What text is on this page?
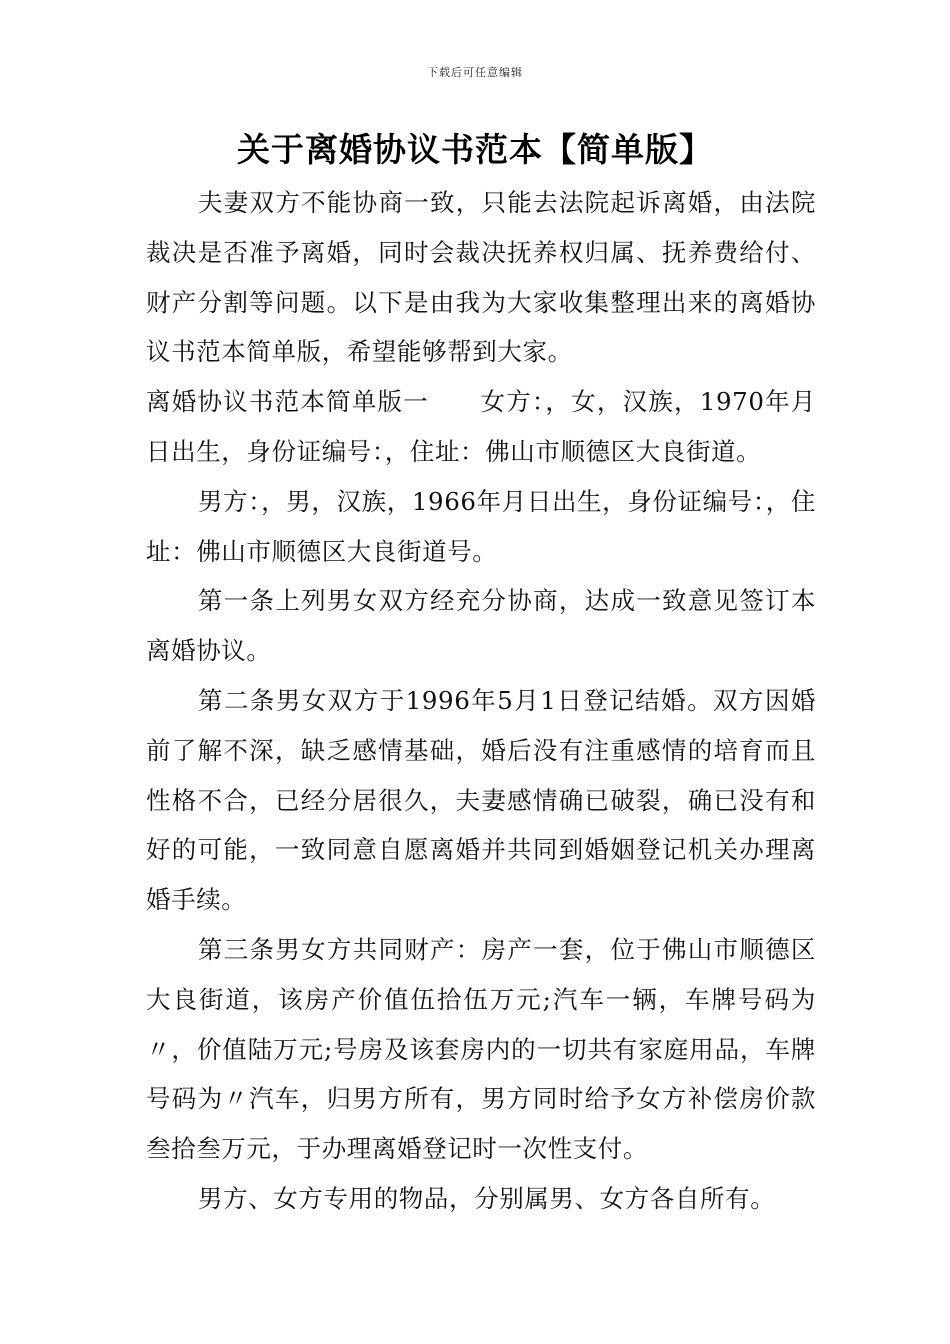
下载后可任意编辑
关于离婚协议书范本【简单版】

夫妻双方不能协商一致，只能去法院起诉离婚，由法院裁决是否准予离婚，同时会裁决抚养权归属、抚养费给付、财产分割等问题。以下是由我为大家收集整理出来的离婚协议书范本简单版，希望能够帮到大家。

离婚协议书范本简单版一　　女方：，女，汉族，1970年月日出生，身份证编号：，住址：佛山市顺德区大良街道。

男方：，男，汉族，1966年月日出生，身份证编号：，住址：佛山市顺德区大良街道号。

第一条上列男女双方经充分协商，达成一致意见签订本离婚协议。

第二条男女双方于1996年5月1日登记结婚。双方因婚前了解不深，缺乏感情基础，婚后没有注重感情的培育而且性格不合，已经分居很久，夫妻感情确已破裂，确已没有和好的可能，一致同意自愿离婚并共同到婚姻登记机关办理离婚手续。

第三条男女方共同财产：房产一套，位于佛山市顺德区大良街道，该房产价值伍拾伍万元;汽车一辆，车牌号码为〃，价值陆万元;号房及该套房内的一切共有家庭用品，车牌号码为〃汽车，归男方所有，男方同时给予女方补偿房价款叁拾叁万元，于办理离婚登记时一次性支付。

男方、女方专用的物品，分别属男、女方各自所有。
